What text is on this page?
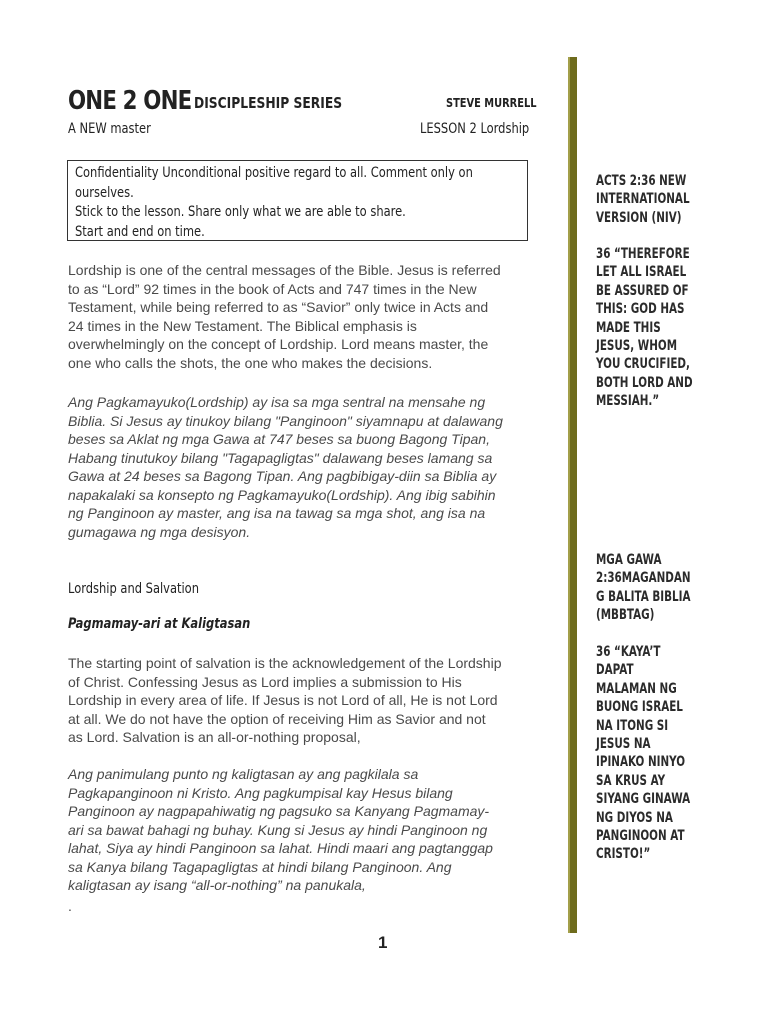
ONE 2 ONE DISCIPLESHIP SERIES	STEVE MURRELL
A NEW master	LESSON 2 Lordship
Confidentiality Unconditional positive regard to all. Comment only on
ourselves.
Stick to the lesson. Share only what we are able to share.
Start and end on time.
Lordship is one of the central messages of the Bible. Jesus is referred
to as “Lord” 92 times in the book of Acts and 747 times in the New
Testament, while being referred to as “Savior” only twice in Acts and
24 times in the New Testament. The Biblical emphasis is
overwhelmingly on the concept of Lordship. Lord means master, the
one who calls the shots, the one who makes the decisions.
Ang Pagkamayuko(Lordship) ay isa sa mga sentral na mensahe ng
Biblia. Si Jesus ay tinukoy bilang "Panginoon" siyamnapu at dalawang
beses sa Aklat ng mga Gawa at 747 beses sa buong Bagong Tipan,
Habang tinutukoy bilang "Tagapagligtas" dalawang beses lamang sa
Gawa at 24 beses sa Bagong Tipan. Ang pagbibigay-diin sa Biblia ay
napakalaki sa konsepto ng Pagkamayuko(Lordship). Ang ibig sabihin
ng Panginoon ay master, ang isa na tawag sa mga shot, ang isa na
gumagawa ng mga desisyon.
Lordship and Salvation
Pagmamay-ari at Kaligtasan
The starting point of salvation is the acknowledgement of the Lordship
of Christ. Confessing Jesus as Lord implies a submission to His
Lordship in every area of life. If Jesus is not Lord of all, He is not Lord
at all. We do not have the option of receiving Him as Savior and not
as Lord. Salvation is an all-or-nothing proposal,
Ang panimulang punto ng kaligtasan ay ang pagkilala sa
Pagkapanginoon ni Kristo. Ang pagkumpisal kay Hesus bilang
Panginoon ay nagpapahiwatig ng pagsuko sa Kanyang Pagmamay-
ari sa bawat bahagi ng buhay. Kung si Jesus ay hindi Panginoon ng
lahat, Siya ay hindi Panginoon sa lahat. Hindi maari ang pagtanggap
sa Kanya bilang Tagapagligtas at hindi bilang Panginoon. Ang
kaligtasan ay isang “all-or-nothing” na panukala,
.
1
ACTS 2:36 NEW
INTERNATIONAL
VERSION (NIV)
36 “THEREFORE
LET ALL ISRAEL
BE ASSURED OF
THIS: GOD HAS
MADE THIS
JESUS, WHOM
YOU CRUCIFIED,
BOTH LORD AND
MESSIAH.”
MGA GAWA
2:36MAGANDAN
G BALITA BIBLIA
(MBBTAG)
36 “KAYA’T
DAPAT
MALAMAN NG
BUONG ISRAEL
NA ITONG SI
JESUS NA
IPINAKO NINYO
SA KRUS AY
SIYANG GINAWA
NG DIYOS NA
PANGINOON AT
CRISTO!”
